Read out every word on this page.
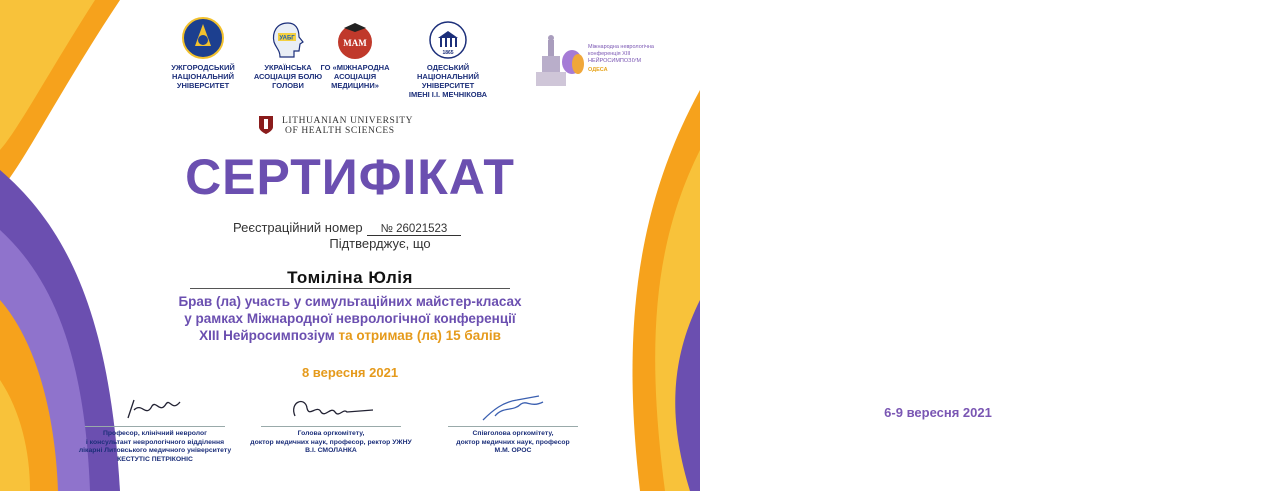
УЖГОРОДСЬКИЙ
НАЦІОНАЛЬНИЙ
УНІВЕРСИТЕТ
УАБГ
УКРАЇНСЬКА
АСОЦІАЦІЯ БОЛЮ
ГОЛОВИ
МАМ
ГО «МІЖНАРОДНА
АСОЦІАЦІЯ
МЕДИЦИНИ»
1865
ОДЕСЬКИЙ
НАЦІОНАЛЬНИЙ УНІВЕРСИТЕТ
ІМЕНІ І.І. МЕЧНІКОВА
Міжнародна неврологічна конференція XIII НЕЙРОСИМПОЗІУМ
ОДЕСА
6-9 вересня 2021
LITHUANIAN UNIVERSITY
OF HEALTH SCIENCES
СЕРТИФІКАТ
Реєстраційний номер № 26021523
Підтверджує, що
Томіліна Юлія
Брав (ла) участь у симультаційних майстер-класах
у рамках Міжнародної неврологічної конференції
XIII Нейросимпозіум та отримав (ла) 15 балів
8 вересня 2021
Професор, клінічний невролог
і консультант неврологічного відділення
лікарні Литовського медичного університету
КЕСТУТІС ПЕТРІКОНІС
Голова оргкомітету,
доктор медичних наук, професор, ректор УЖНУ
В.І. СМОЛАНКА
Співголова оргкомітету,
доктор медичних наук, професор
М.М. ОРОС
